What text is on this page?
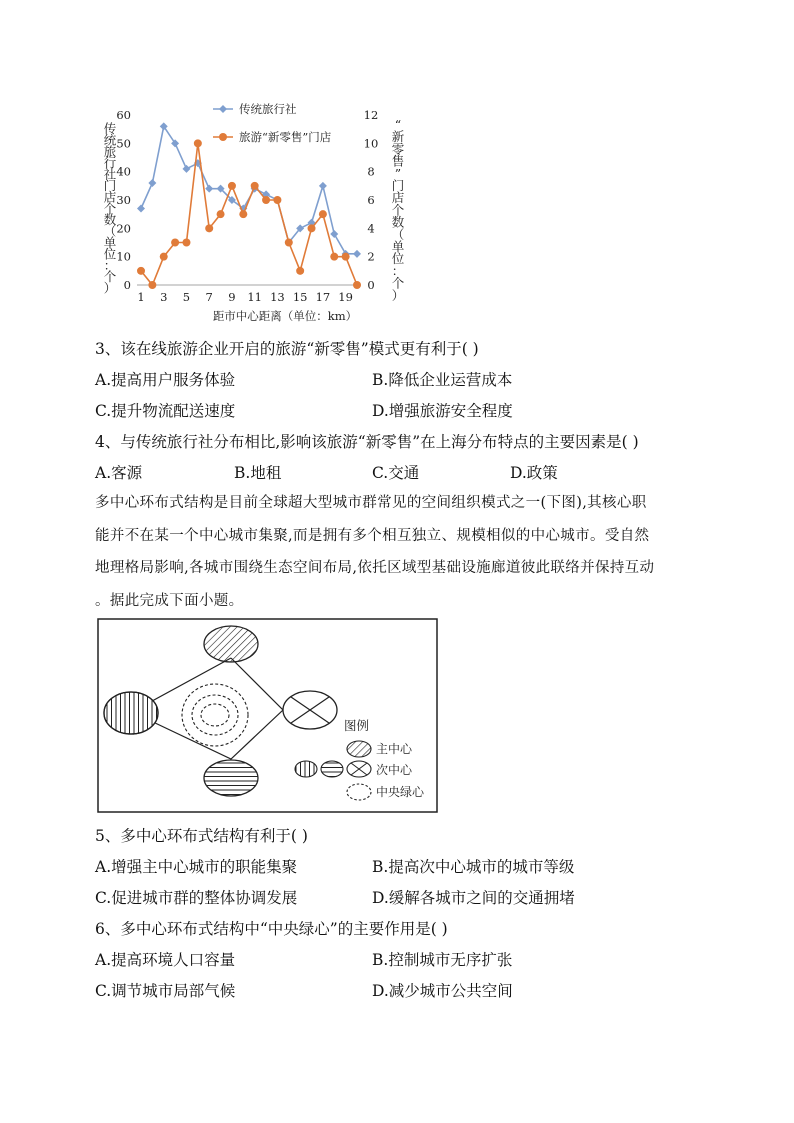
传统旅行社门店个数（单位：个）
“新零售”门店个数（单位：个）
0
10
20
30
40
50
60
0
2
4
6
8
10
12
1 3 5 7 9 11 13 15 17 19
距市中心距离（单位：km）
传统旅行社
旅游“新零售”门店
3、该在线旅游企业开启的旅游“新零售”模式更有利于( )
A.提高用户服务体验	B.降低企业运营成本
C.提升物流配送速度	D.增强旅游安全程度
4、与传统旅行社分布相比,影响该旅游“新零售”在上海分布特点的主要因素是( )
A.客源	B.地租	C.交通	D.政策
多中心环布式结构是目前全球超大型城市群常见的空间组织模式之一(下图),其核心职
能并不在某一个中心城市集聚,而是拥有多个相互独立、规模相似的中心城市。受自然
地理格局影响,各城市围绕生态空间布局,依托区域型基础设施廊道彼此联络并保持互动
。据此完成下面小题。
图例
主中心
次中心
中央绿心
5、多中心环布式结构有利于( )
A.增强主中心城市的职能集聚	B.提高次中心城市的城市等级
C.促进城市群的整体协调发展	D.缓解各城市之间的交通拥堵
6、多中心环布式结构中“中央绿心”的主要作用是( )
A.提高环境人口容量	B.控制城市无序扩张
C.调节城市局部气候	D.减少城市公共空间
